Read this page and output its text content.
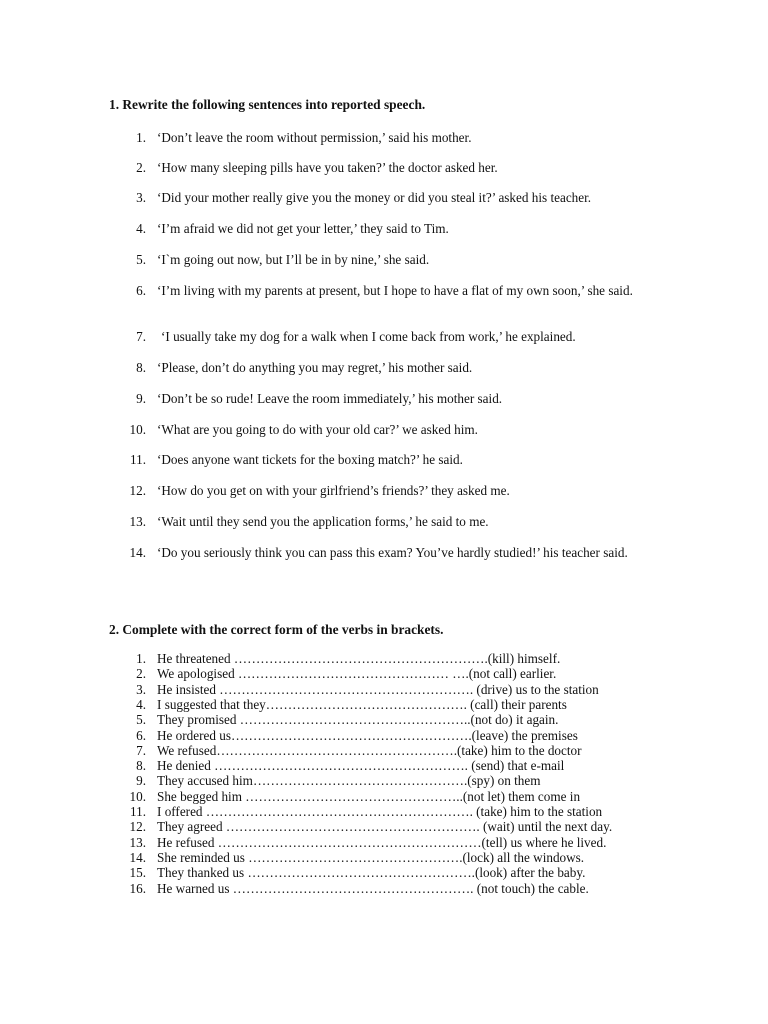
1. Rewrite the following sentences into reported speech.
1. ‘Don’t leave the room without permission,’ said his mother.
2. ‘How many sleeping pills have you taken?’ the doctor asked her.
3. ‘Did your mother really give you the money or did you steal it?’ asked his teacher.
4. ‘I’m afraid we did not get your letter,’ they said to Tim.
5. ‘I`m going out now, but I’ll be in by nine,’ she said.
6. ‘I’m living with my parents at present, but I hope to have a flat of my own soon,’ she said.
7.	‘I usually take my dog for a walk when I come back from work,’ he explained.
8. ‘Please, don’t do anything you may regret,’ his mother said.
9. ‘Don’t be so rude! Leave the room immediately,’ his mother said.
10. ‘What are you going to do with your old car?’ we asked him.
11. ‘Does anyone want tickets for the boxing match?’ he said.
12. ‘How do you get on with your girlfriend’s friends?’ they asked me.
13. ‘Wait until they send you the application forms,’ he said to me.
14. ‘Do you seriously think you can pass this exam? You’ve hardly studied!’ his teacher said.
2. Complete with the correct form of the verbs in brackets.
1. He threatened ………………………………………………….(kill) himself.
2. We apologised ………………………………………… ….(not call) earlier.
3. He insisted …………………………………………………. (drive) us to the station
4. I suggested that they………………………………………. (call) their parents
5. They promised ……………………………………………..(not do) it again.
6. He ordered us……………………………………………….(leave) the premises
7. We refused……………………………………………….(take) him to the doctor
8. He denied …………………………………………………. (send) that e-mail
9. They accused him………………………………………….(spy) on them
10. She begged him …………………………………………..(not let) them come in
11. I offered ……………………………………………………. (take) him to the station
12. They agreed …………………………………………………. (wait) until the next day.
13. He refused ……………………………………………………(tell) us where he lived.
14. She reminded us ………………………………………….(lock) all the windows.
15. They thanked us …………………………………………….(look) after the baby.
16. He warned us ………………………………………………. (not touch) the cable.
